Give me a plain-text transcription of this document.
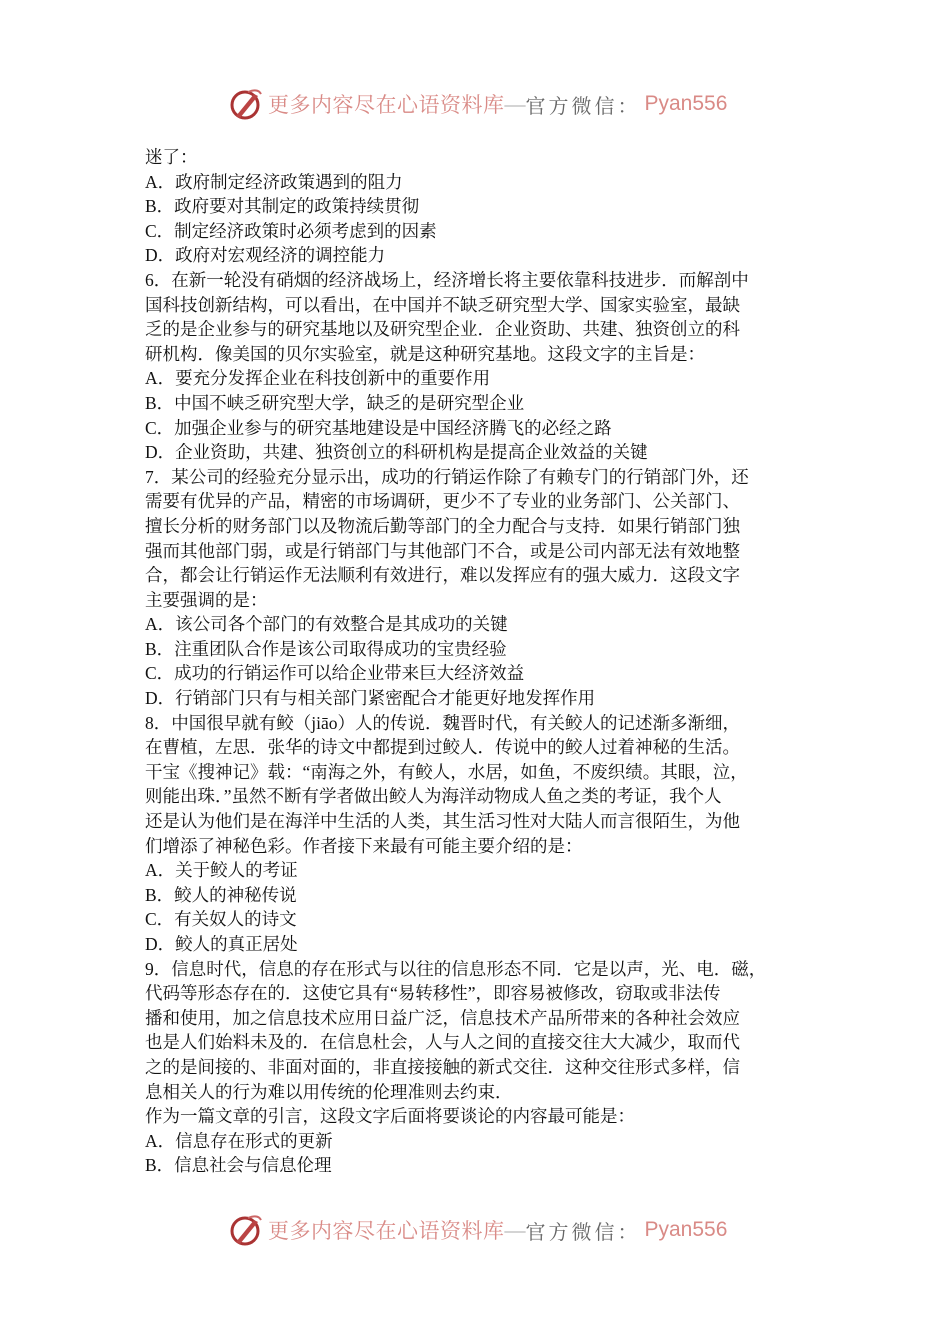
更多内容尽在心语资料库 — 官方微信： Pyan556
迷了：
A．政府制定经济政策遇到的阻力
B．政府要对其制定的政策持续贯彻
C．制定经济政策时必须考虑到的因素
D．政府对宏观经济的调控能力
6．在新一轮没有硝烟的经济战场上，经济增长将主要依靠科技进步．而解剖中
国科技创新结构，可以看出，在中国并不缺乏研究型大学、国家实验室，最缺
乏的是企业参与的研究基地以及研究型企业．企业资助、共建、独资创立的科
研机构．像美国的贝尔实验室，就是这种研究基地。这段文字的主旨是：
A．要充分发挥企业在科技创新中的重要作用
B．中国不峡乏研究型大学，缺乏的是研究型企业
C．加强企业参与的研究基地建设是中国经济腾飞的必经之路
D．企业资助，共建、独资创立的科研机构是提高企业效益的关键
7．某公司的经验充分显示出，成功的行销运作除了有赖专门的行销部门外，还
需要有优异的产品，精密的市场调研，更少不了专业的业务部门、公关部门、
擅长分析的财务部门以及物流后勤等部门的全力配合与支持．如果行销部门独
强而其他部门弱，或是行销部门与其他部门不合，或是公司内部无法有效地整
合，都会让行销运作无法顺利有效进行，难以发挥应有的强大威力．这段文字
主要强调的是：
A．该公司各个部门的有效整合是其成功的关键
B．注重团队合作是该公司取得成功的宝贵经验
C．成功的行销运作可以给企业带来巨大经济效益
D．行销部门只有与相关部门紧密配合才能更好地发挥作用
8．中国很早就有鲛（jiāo）人的传说．魏晋时代，有关鲛人的记述渐多渐细，
在曹植，左思．张华的诗文中都提到过鲛人．传说中的鲛人过着神秘的生活。
干宝《搜神记》载：“南海之外，有鲛人，水居，如鱼，不废织绩。其眼，泣，
则能出珠．”虽然不断有学者做出鲛人为海洋动物成人鱼之类的考证，我个人
还是认为他们是在海洋中生活的人类，其生活习性对大陆人而言很陌生，为他
们增添了神秘色彩。作者接下来最有可能主要介绍的是：
A．关于鲛人的考证
B．鲛人的神秘传说
C．有关奴人的诗文
D．鲛人的真正居处
9．信息时代，信息的存在形式与以往的信息形态不同．它是以声，光、电．磁，
代码等形态存在的．这使它具有“易转移性”，即容易被修改，窃取或非法传
播和使用，加之信息技术应用日益广泛，信息技术产品所带来的各种社会效应
也是人们始料未及的．在信息杜会，人与人之间的直接交往大大减少，取而代
之的是间接的、非面对面的，非直接接触的新式交往．这种交往形式多样，信
息相关人的行为难以用传统的伦理准则去约束．
作为一篇文章的引言，这段文字后面将要谈论的内容最可能是：
A．信息存在形式的更新
B．信息社会与信息伦理
更多内容尽在心语资料库 — 官方微信： Pyan556
